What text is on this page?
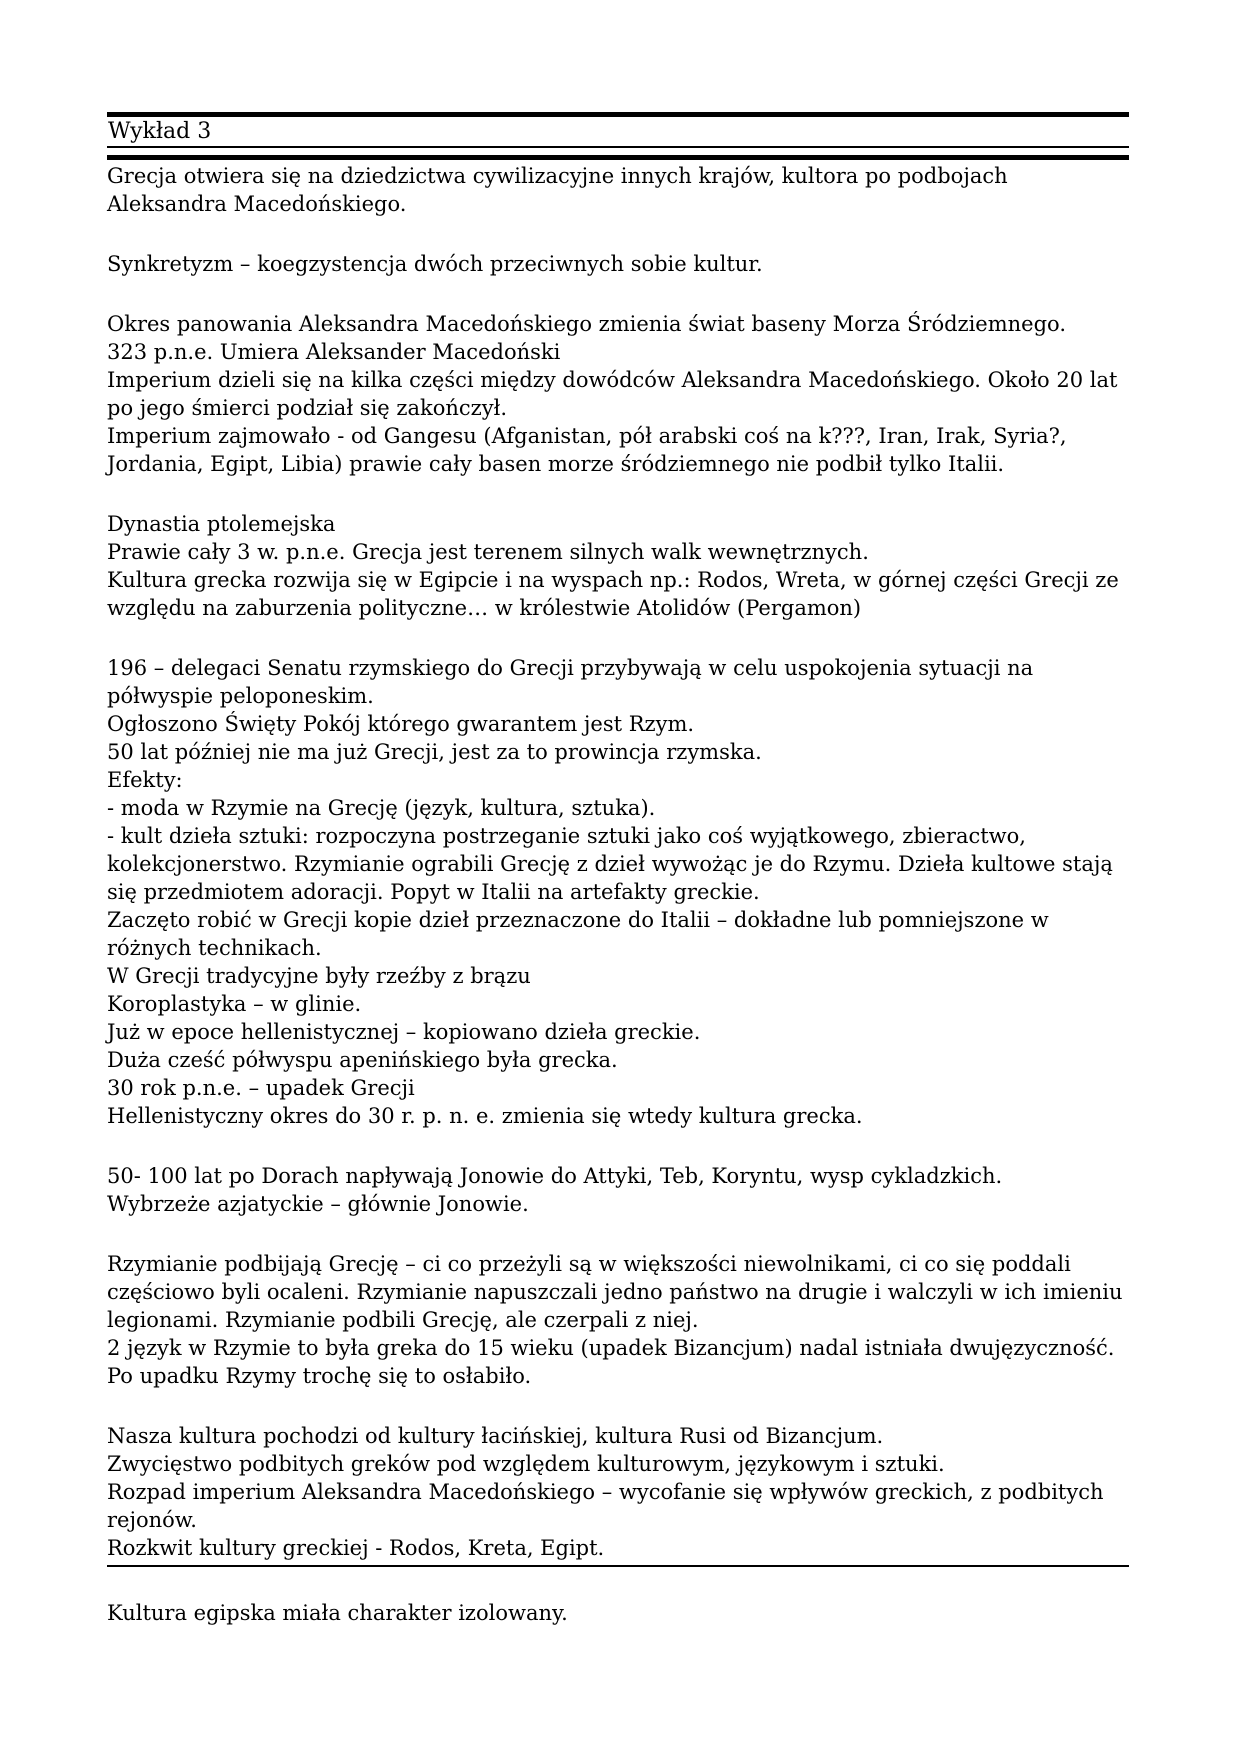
Wykład 3
Grecja otwiera się na dziedzictwa cywilizacyjne innych krajów, kultora po podbojach Aleksandra Macedońskiego.
Synkretyzm – koegzystencja dwóch przeciwnych sobie kultur.
Okres panowania Aleksandra Macedońskiego zmienia świat baseny Morza Śródziemnego.
323 p.n.e. Umiera Aleksander Macedoński
Imperium dzieli się na kilka części między dowódców Aleksandra Macedońskiego. Około 20 lat po jego śmierci podział się zakończył.
Imperium zajmowało - od Gangesu (Afganistan, pół arabski coś na k???, Iran, Irak, Syria?, Jordania, Egipt, Libia) prawie cały basen morze śródziemnego nie podbił tylko Italii.
Dynastia ptolemejska
Prawie cały 3 w. p.n.e. Grecja jest terenem silnych walk wewnętrznych.
Kultura grecka rozwija się w Egipcie i na wyspach np.: Rodos, Wreta, w górnej części Grecji ze względu na zaburzenia polityczne… w królestwie Atolidów (Pergamon)
196 – delegaci Senatu rzymskiego do Grecji przybywają w celu uspokojenia sytuacji na półwyspie peloponeskim.
Ogłoszono Święty Pokój którego gwarantem jest Rzym.
50 lat później nie ma już Grecji, jest za to prowincja rzymska.
Efekty:
- moda w Rzymie na Grecję (język, kultura, sztuka).
- kult dzieła sztuki: rozpoczyna postrzeganie sztuki jako coś wyjątkowego, zbieractwo, kolekcjonerstwo. Rzymianie ograbili Grecję z dzieł wywożąc je do Rzymu. Dzieła kultowe stają się przedmiotem adoracji. Popyt w Italii na artefakty greckie.
Zaczęto robić w Grecji kopie dzieł przeznaczone do Italii – dokładne lub pomniejszone w różnych technikach.
W Grecji tradycyjne były rzeźby z brązu
Koroplastyka – w glinie.
Już w epoce hellenistycznej – kopiowano dzieła greckie.
Duża cześć półwyspu apenińskiego była grecka.
30 rok p.n.e. – upadek Grecji
Hellenistyczny okres do 30 r. p. n. e. zmienia się wtedy kultura grecka.
50- 100 lat po Dorach napływają Jonowie do Attyki, Teb, Koryntu, wysp cykladzkich.
Wybrzeże azjatyckie – głównie Jonowie.
Rzymianie podbijają Grecję – ci co przeżyli są w większości niewolnikami, ci co się poddali częściowo byli ocaleni. Rzymianie napuszczali jedno państwo na drugie i walczyli w ich imieniu legionami. Rzymianie podbili Grecję, ale czerpali z niej.
2 język w Rzymie to była greka do 15 wieku (upadek Bizancjum) nadal istniała dwujęzyczność. Po upadku Rzymy trochę się to osłabiło.
Nasza kultura pochodzi od kultury łacińskiej, kultura Rusi od Bizancjum.
Zwycięstwo podbitych greków pod względem kulturowym, językowym i sztuki.
Rozpad imperium Aleksandra Macedońskiego – wycofanie się wpływów greckich, z podbitych rejonów.
Rozkwit kultury greckiej - Rodos, Kreta, Egipt.
Kultura egipska miała charakter izolowany.
